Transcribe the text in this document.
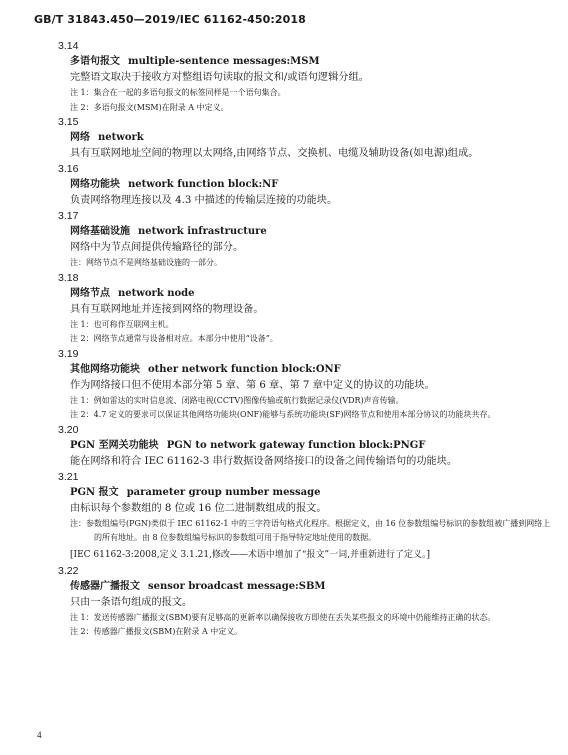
GB/T 31843.450—2019/IEC 61162-450:2018
3.14
多语句报文 multiple-sentence messages:MSM
完整语文取决于接收方对整组语句读取的报文和/或语句逻辑分组。
注 1：集合在一起的多语句报文的标签同样是一个语句集合。
注 2：多语句报文(MSM)在附录 A 中定义。
3.15
网络 network
具有互联网地址空间的物理以太网络,由网络节点、交换机、电缆及辅助设备(如电源)组成。
3.16
网络功能块 network function block:NF
负责网络物理连接以及 4.3 中描述的传输层连接的功能块。
3.17
网络基础设施 network infrastructure
网络中为节点间提供传输路径的部分。
注：网络节点不是网络基础设施的一部分。
3.18
网络节点 network node
具有互联网地址并连接到网络的物理设备。
注 1：也可称作互联网主机。
注 2：网络节点通常与设备相对应。本部分中使用“设备”。
3.19
其他网络功能块 other network function block:ONF
作为网络接口但不使用本部分第 5 章、第 6 章、第 7 章中定义的协议的功能块。
注 1：例如雷达的实时信息流、闭路电视(CCTV)图像传输或航行数据记录仪(VDR)声音传输。
注 2：4.7 定义的要求可以保证其他网络功能块(ONF)能够与系统功能块(SF)网络节点和使用本部分协议的功能块共存。
3.20
PGN 至网关功能块 PGN to network gateway function block:PNGF
能在网络和符合 IEC 61162-3 串行数据设备网络接口的设备之间传输语句的功能块。
3.21
PGN 报文 parameter group number message
由标识每个参数组的 8 位或 16 位二进制数组成的报文。
注：参数组编号(PGN)类似于 IEC 61162-1 中的三字符语句格式化程序。根据定义，由 16 位参数组编号标识的参数组被广播到网络上的所有地址。由 8 位参数组编号标识的参数组可用于指导特定地址使用的数据。
[IEC 61162-3:2008,定义 3.1.21,修改——术语中增加了“报文”一词,并重新进行了定义。]
3.22
传感器广播报文 sensor broadcast message:SBM
只由一条语句组成的报文。
注 1：发送传感器广播报文(SBM)要有足够高的更新率以确保接收方即使在丢失某些报文的环境中仍能维持正确的状态。
注 2：传感器广播报文(SBM)在附录 A 中定义。
4
